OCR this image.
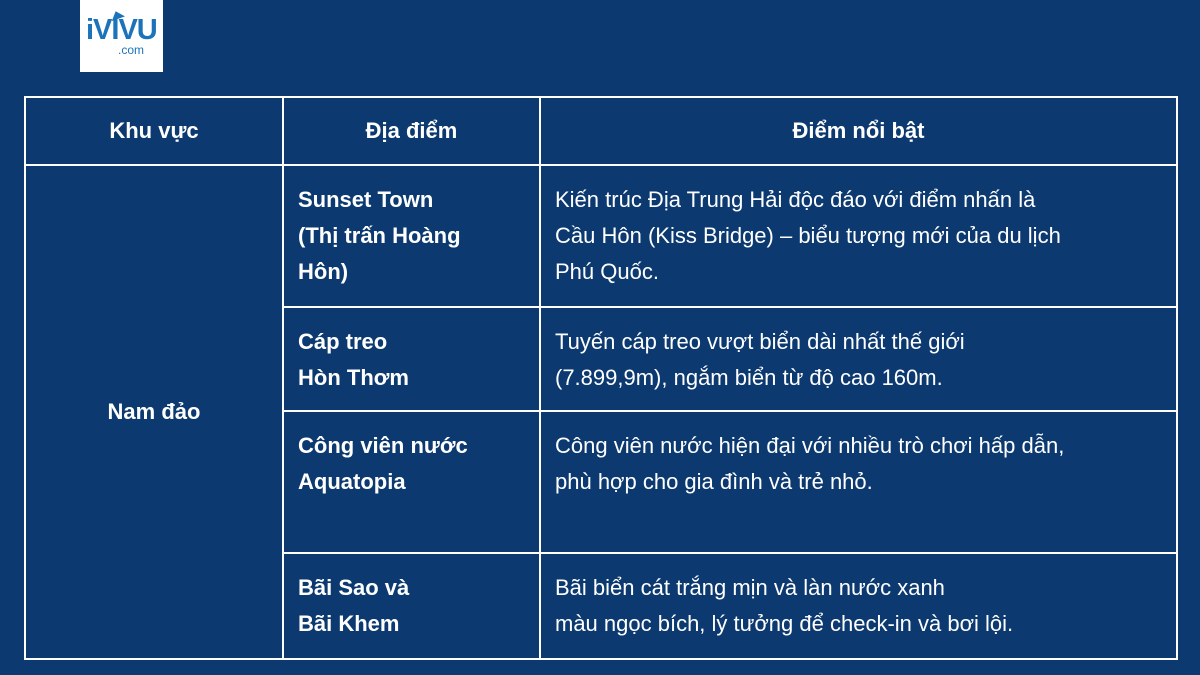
iVIVU
.com
Khu vực	Địa điểm	Điểm nổi bật
Nam đảo	Sunset Town
(Thị trấn Hoàng
Hôn)	Kiến trúc Địa Trung Hải độc đáo với điểm nhấn là
Cầu Hôn (Kiss Bridge) – biểu tượng mới của du lịch
Phú Quốc.

	Cáp treo
Hòn Thơm	Tuyến cáp treo vượt biển dài nhất thế giới
(7.899,9m), ngắm biển từ độ cao 160m.

	Công viên nước
Aquatopia	Công viên nước hiện đại với nhiều trò chơi hấp dẫn,
phù hợp cho gia đình và trẻ nhỏ.

	Bãi Sao và
Bãi Khem	Bãi biển cát trắng mịn và làn nước xanh
màu ngọc bích, lý tưởng để check-in và bơi lội.
